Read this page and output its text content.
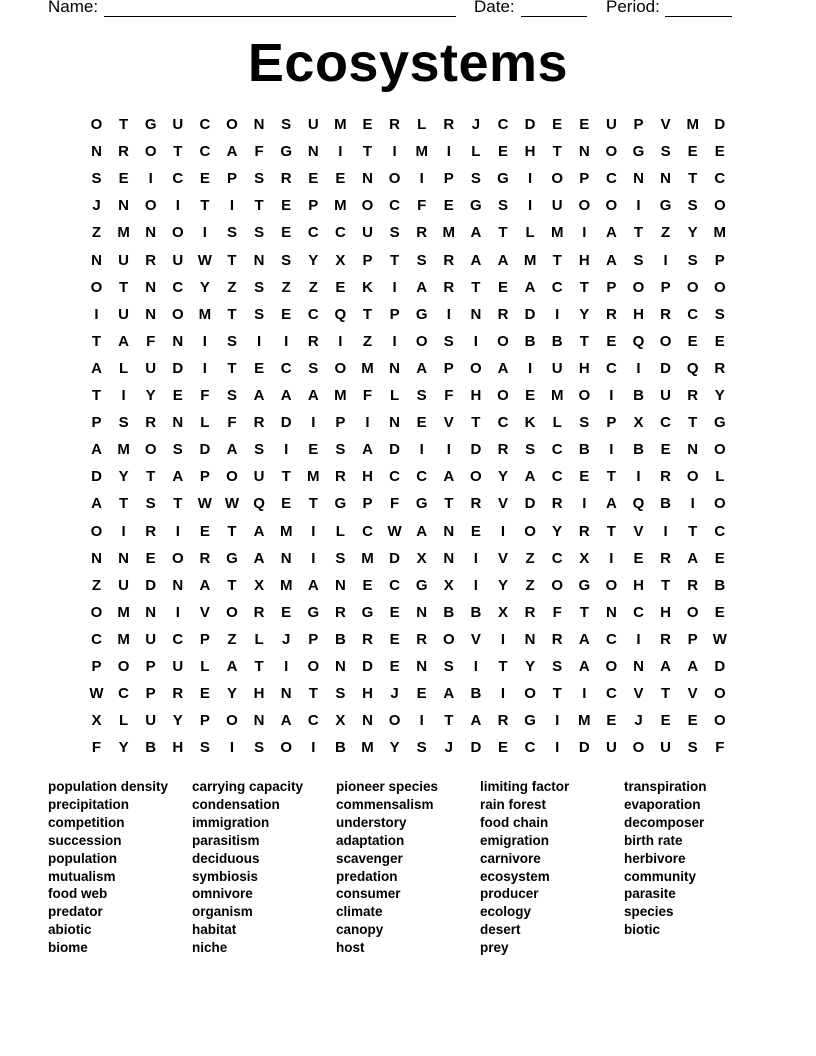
Name:	Date:	Period:
Ecosystems
O	T	G	U	C	O	N	S	U	M	E	R	L	R	J	C	D	E	E	U	P	V	M	D
N	R	O	T	C	A	F	G	N	I	T	I	M	I	L	E	H	T	N	O	G	S	E	E
S	E	I	C	E	P	S	R	E	E	N	O	I	P	S	G	I	O	P	C	N	N	T	C
J	N	O	I	T	I	T	E	P	M	O	C	F	E	G	S	I	U	O	O	I	G	S	O
Z	M	N	O	I	S	S	E	C	C	U	S	R	M	A	T	L	M	I	A	T	Z	Y	M
N	U	R	U W	T	N	S	Y	X	P	T	S	R	A	A	M	T	H	A	S	I	S	P
O	T	N	C	Y	Z	S	Z	Z	E	K	I	A	R	T	E	A	C	T	P	O	P	O	O
I	U	N	O	M	T	S	E	C	Q	T	P	G	I	N	R	D	I	Y	R	H	R	C	S
T	A	F	N	I	S	I	I	R	I	Z	I	O	S	I	O	B	B	T	E	Q	O	E	E
A	L	U	D	I	T	E	C	S	O	M	N	A	P	O	A	I	U	H	C	I	D	Q	R
T	I	Y	E	F	S	A	A	A	M	F	L	S	F	H	O	E	M	O	I	B	U	R	Y
P	S	R	N	L	F	R	D	I	P	I	N	E	V	T	C	K	L	S	P	X	C	T	G
A	M	O	S	D	A	S	I	E	S	A	D	I	I	D	R	S	C	B	I	B	E	N	O
D	Y	T	A	P	O	U	T	M	R	H	C	C	A	O	Y	A	C	E	T	I	R	O	L
A	T	S	T	W W Q	E	T	G	P	F	G	T	R	V	D	R	I	A	Q	B	I	O
O	I	R	I	E	T	A	M	I	L	C W A	N	E	I	O	Y	R	T	V	I	T	C
N	N	E	O	R	G	A	N	I	S	M	D	X	N	I	V	Z	C	X	I	E	R	A	E
Z	U	D	N	A	T	X	M	A	N	E	C	G	X	I	Y	Z	O	G	O	H	T	R	B
O	M	N	I	V	O	R	E	G	R	G	E	N	B	B	X	R	F	T	N	C	H	O	E
C	M	U	C	P	Z	L	J	P	B	R	E	R	O	V	I	N	R	A	C	I	R	P	W
P	O	P	U	L	A	T	I	O	N	D	E	N	S	I	T	Y	S	A	O	N	A	A	D
W C	P	R	E	Y	H	N	T	S	H	J	E	A	B	I	O	T	I	C	V	T	V	O
X	L	U	Y	P	O	N	A	C	X	N	O	I	T	A	R	G	I	M	E	J	E	E	O
F	Y	B	H	S	I	S	O	I	B	M	Y	S	J	D	E	C	I	D	U	O	U	S	F
population density
precipitation
competition
succession
population
mutualism
food web
predator
abiotic
biome
carrying capacity
condensation
immigration
parasitism
deciduous
symbiosis
omnivore
organism
habitat
niche
pioneer species
commensalism
understory
adaptation
scavenger
predation
consumer
climate
canopy
host
limiting factor
rain forest
food chain
emigration
carnivore
ecosystem
producer
ecology
desert
prey
transpiration
evaporation
decomposer
birth rate
herbivore
community
parasite
species
biotic
